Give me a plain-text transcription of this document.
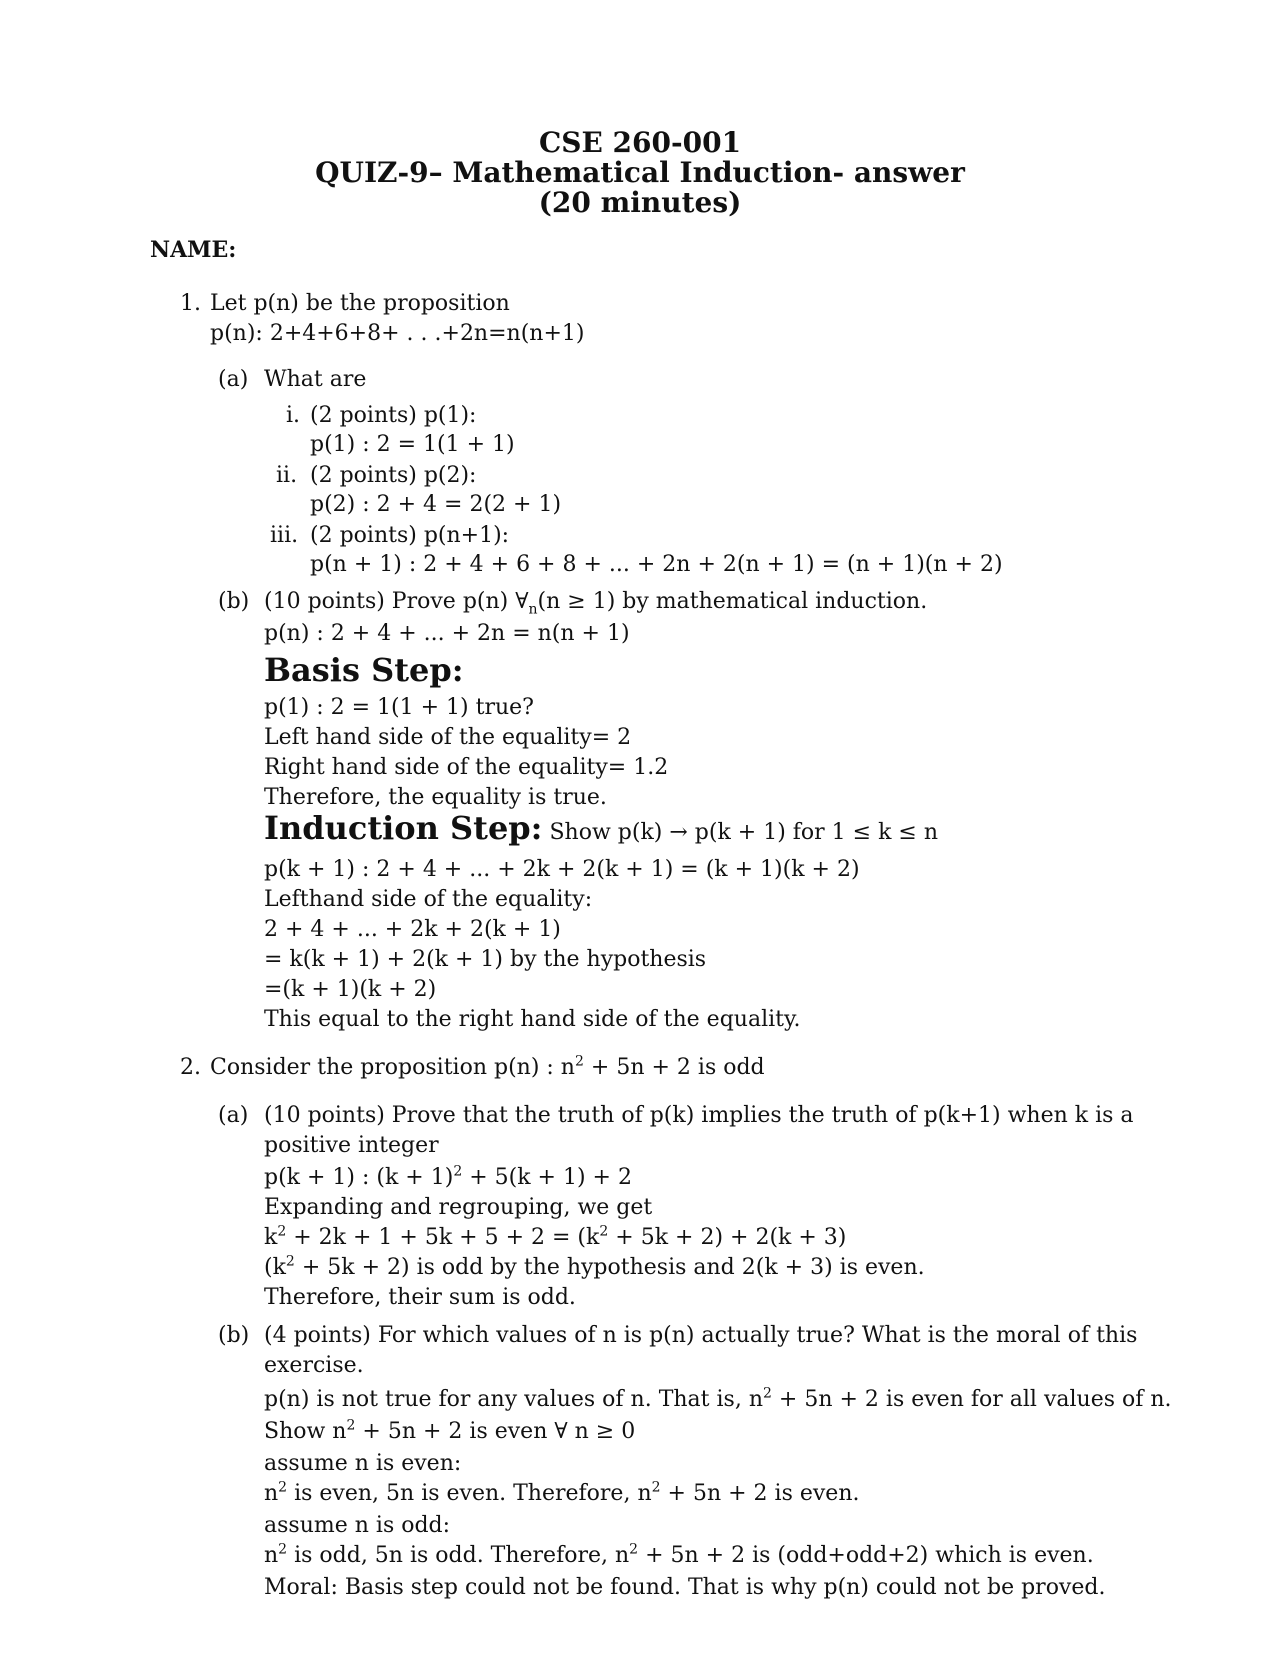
CSE 260-001
QUIZ-9– Mathematical Induction- answer
(20 minutes)
NAME:
1. Let p(n) be the proposition
p(n): 2+4+6+8+ . . .+2n=n(n+1)
(a) What are
i. (2 points) p(1):
p(1) : 2 = 1(1 + 1)
ii. (2 points) p(2):
p(2) : 2 + 4 = 2(2 + 1)
iii. (2 points) p(n+1):
p(n + 1) : 2 + 4 + 6 + 8 + ... + 2n + 2(n + 1) = (n + 1)(n + 2)
(b) (10 points) Prove p(n) $\forall_n(n \ge 1)$ by mathematical induction.
p(n) : 2 + 4 + ... + 2n = n(n + 1)
Basis Step:
p(1) : 2 = 1(1 + 1) true?
Left hand side of the equality= 2
Right hand side of the equality= 1.2
Therefore, the equality is true.
Induction Step: Show p(k) → p(k + 1) for 1 ≤ k ≤ n
p(k + 1) : 2 + 4 + ... + 2k + 2(k + 1) = (k + 1)(k + 2)
Lefthand side of the equality:
2 + 4 + ... + 2k + 2(k + 1)
= k(k + 1) + 2(k + 1) by the hypothesis
=(k + 1)(k + 2)
This equal to the right hand side of the equality.
2. Consider the proposition p(n) : $n^2 + 5n + 2$ is odd
(a) (10 points) Prove that the truth of p(k) implies the truth of p(k+1) when k is a
positive integer
p(k + 1) : $(k + 1)^2 + 5(k + 1) + 2$
Expanding and regrouping, we get
$k^2 + 2k + 1 + 5k + 5 + 2 = (k^2 + 5k + 2) + 2(k + 3)$
$(k^2 + 5k + 2)$ is odd by the hypothesis and 2(k + 3) is even.
Therefore, their sum is odd.
(b) (4 points) For which values of n is p(n) actually true? What is the moral of this
exercise.
p(n) is not true for any values of n. That is, $n^2 + 5n + 2$ is even for all values of n.
Show $n^2 + 5n + 2$ is even ∀ n ≥ 0
assume n is even:
$n^2$ is even, 5n is even. Therefore, $n^2 + 5n + 2$ is even.
assume n is odd:
$n^2$ is odd, 5n is odd. Therefore, $n^2 + 5n + 2$ is (odd+odd+2) which is even.
Moral: Basis step could not be found. That is why p(n) could not be proved.
